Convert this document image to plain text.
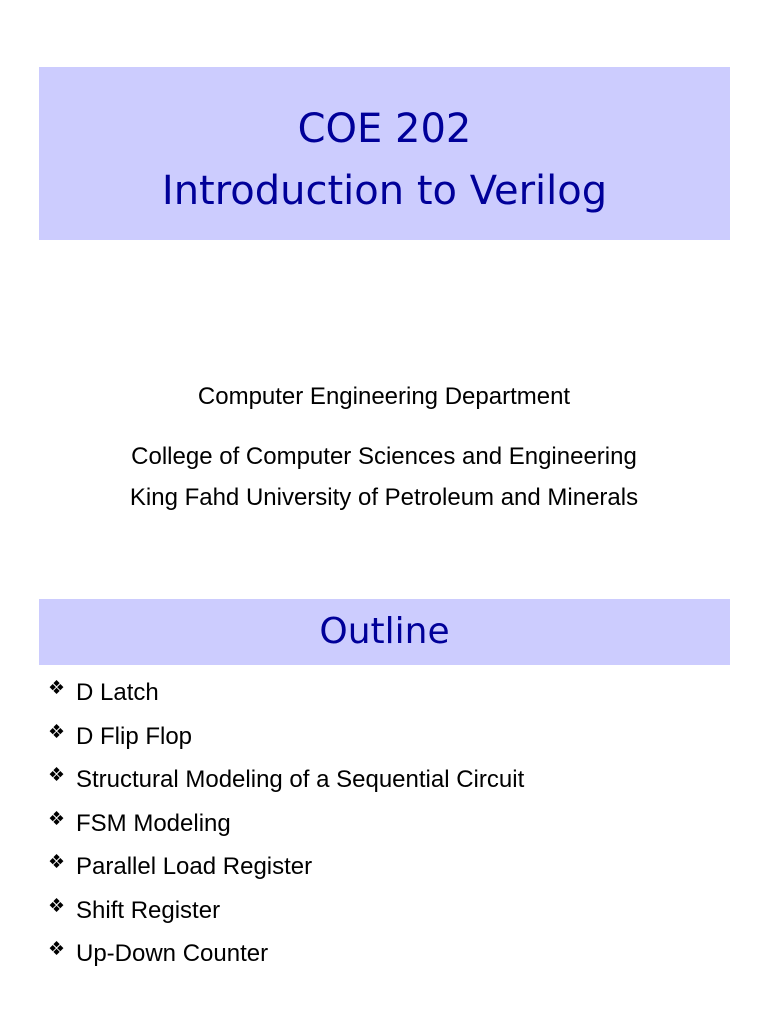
COE 202
Introduction to Verilog
Computer Engineering Department
College of Computer Sciences and Engineering
King Fahd University of Petroleum and Minerals
Outline
❖ D Latch
❖ D Flip Flop
❖ Structural Modeling of a Sequential Circuit
❖ FSM Modeling
❖ Parallel Load Register
❖ Shift Register
❖ Up-Down Counter
